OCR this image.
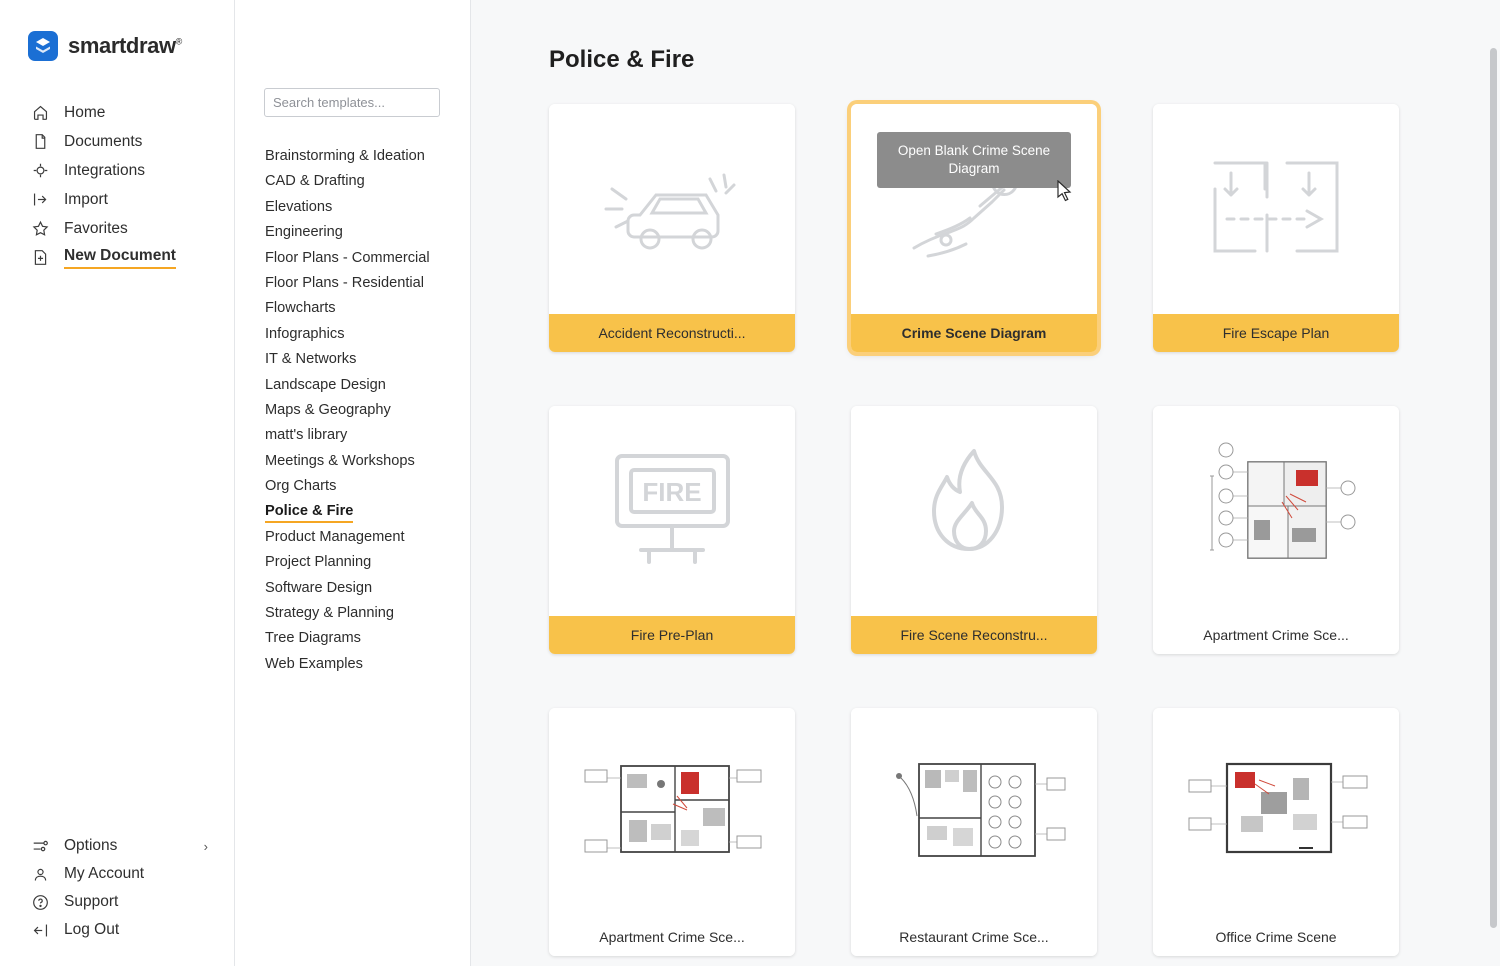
smartdraw®
Home
Documents
Integrations
Import
Favorites
New Document
Options	›
My Account
Support
Log Out
Search templates...
Brainstorming & Ideation
CAD & Drafting
Elevations
Engineering
Floor Plans - Commercial
Floor Plans - Residential
Flowcharts
Infographics
IT & Networks
Landscape Design
Maps & Geography
matt's library
Meetings & Workshops
Org Charts
Police & Fire
Product Management
Project Planning
Software Design
Strategy & Planning
Tree Diagrams
Web Examples
Police & Fire
Accident Reconstructi...
Open Blank Crime Scene Diagram
Crime Scene Diagram	Fire Escape Plan
FIRE
Fire Pre-Plan	Fire Scene Reconstru...	Apartment Crime Sce...
Apartment Crime Sce...	Restaurant Crime Sce...	Office Crime Scene
